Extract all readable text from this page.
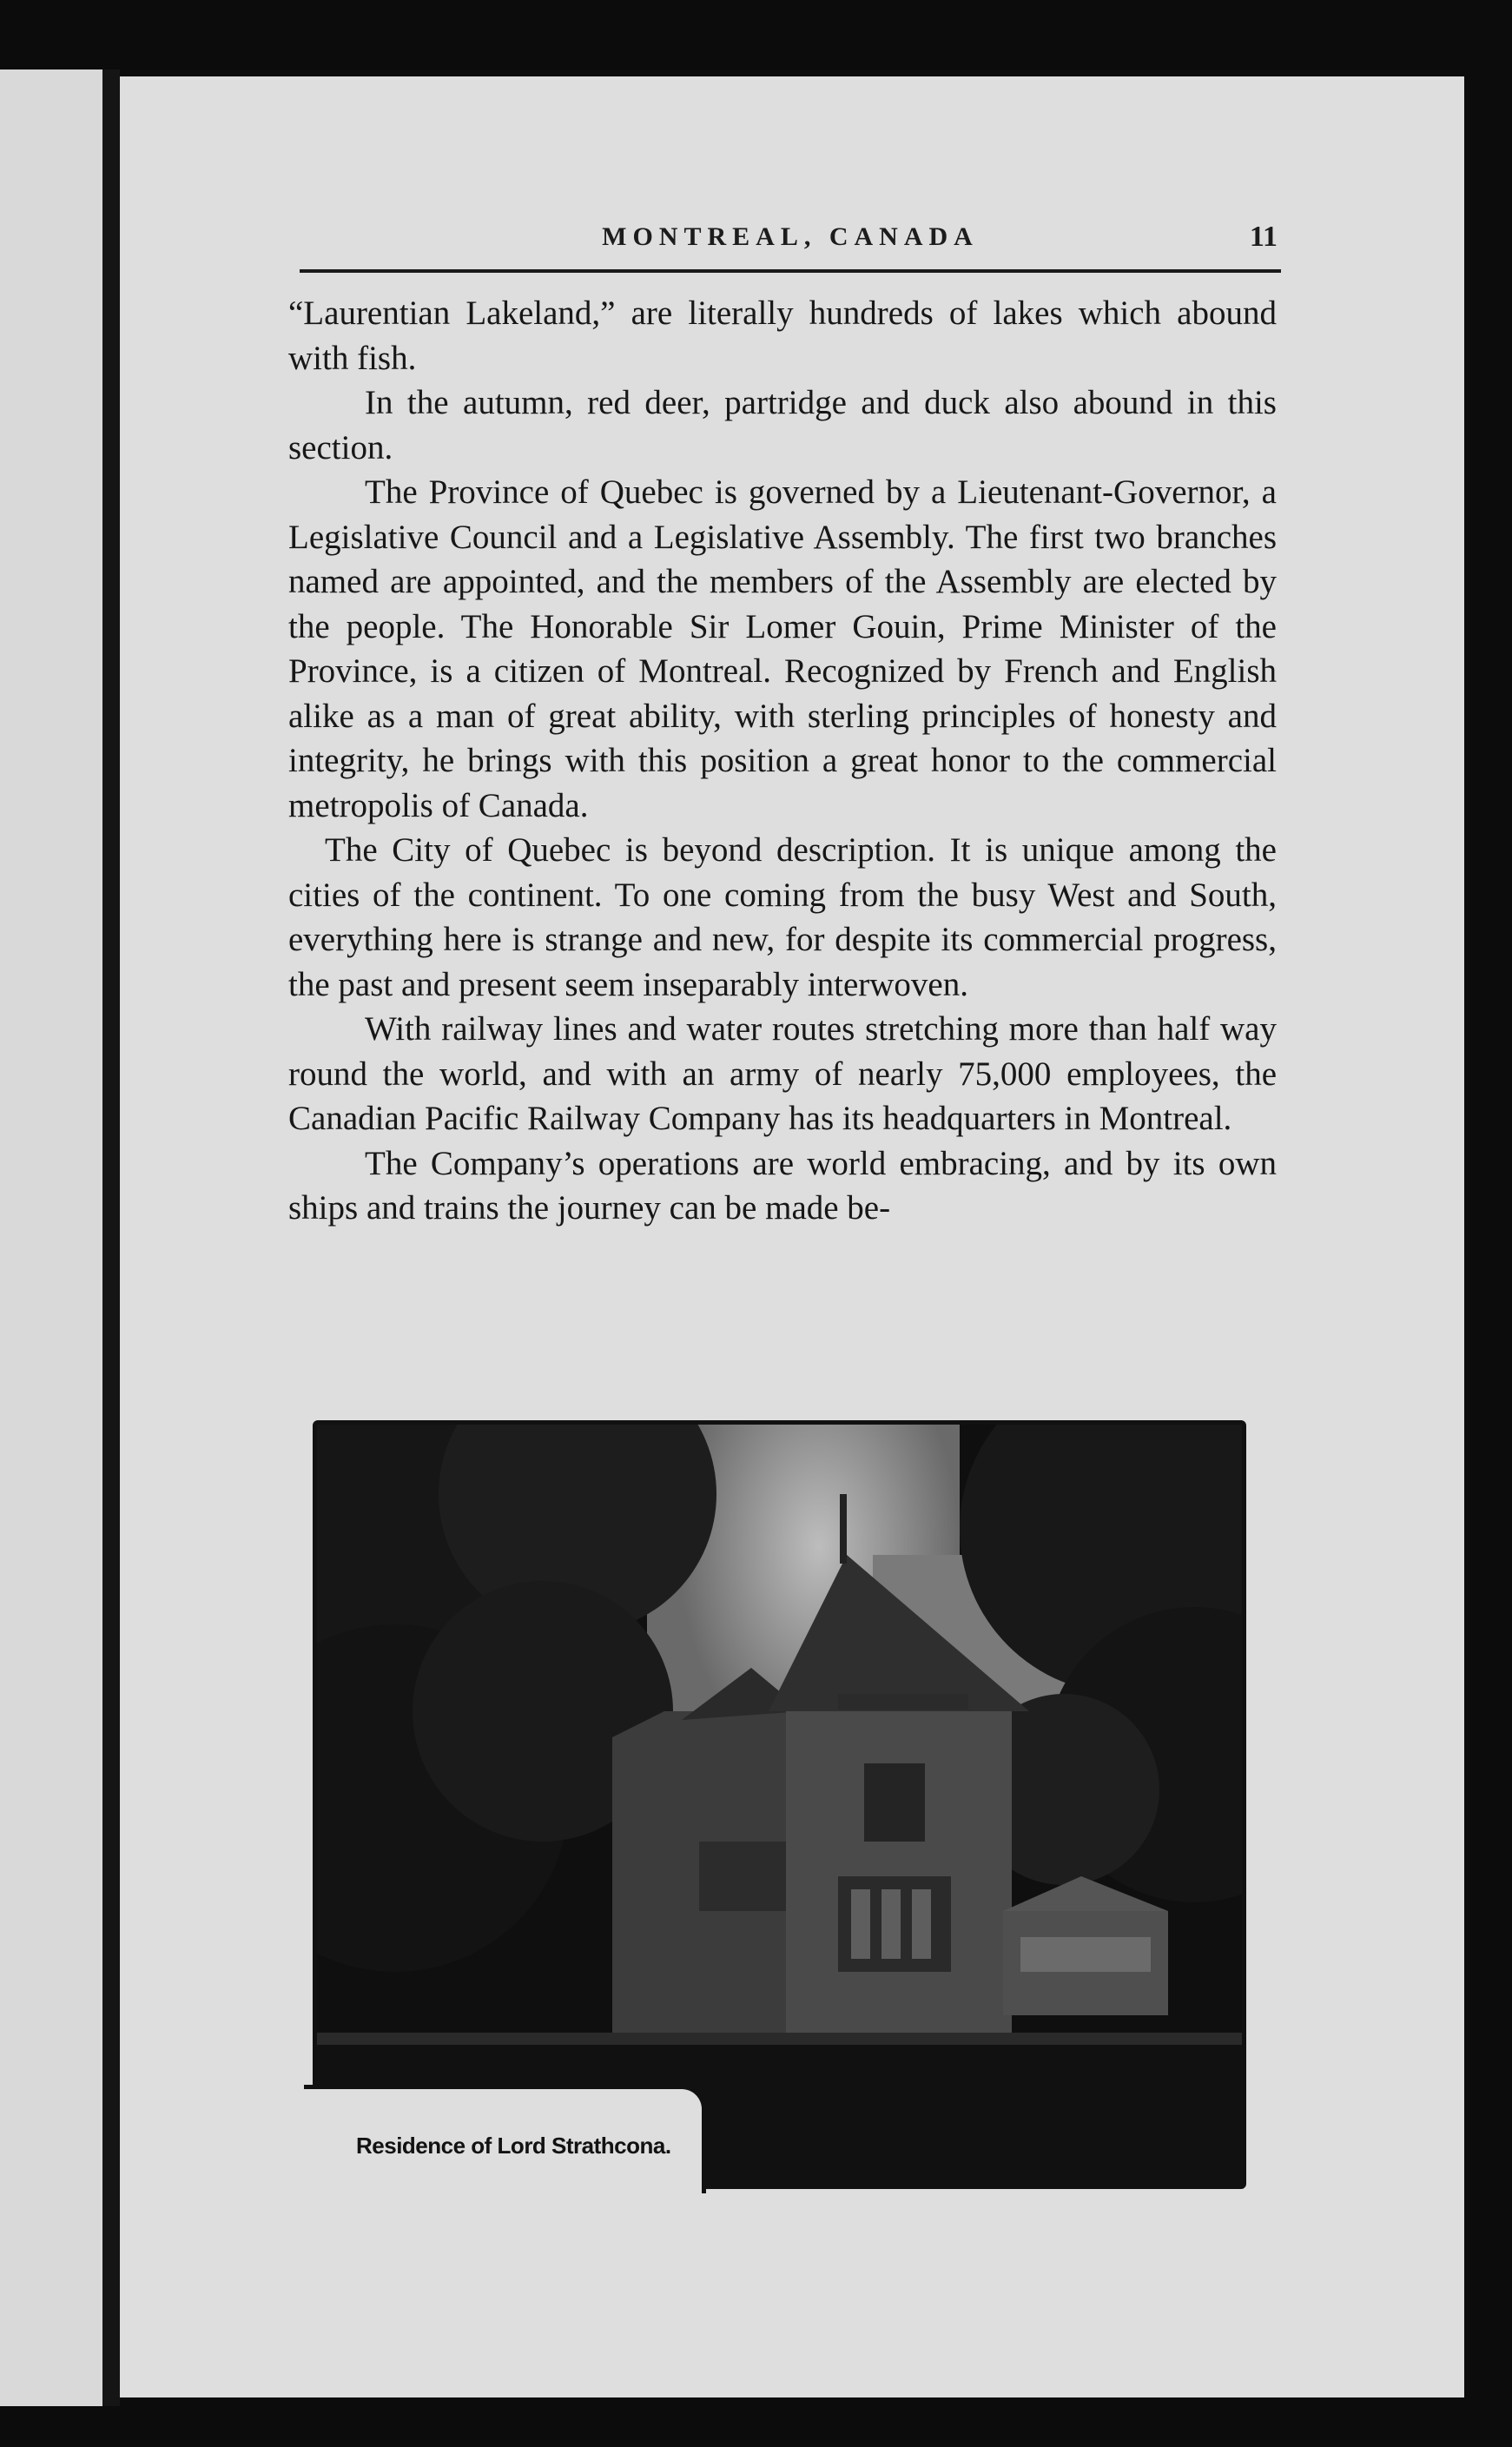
MONTREAL, CANADA	11

“Laurentian Lakeland,” are literally hundreds of lakes which abound with fish.

In the autumn, red deer, partridge and duck also abound in this section.

The Province of Quebec is governed by a Lieutenant-Governor, a Legislative Council and a Legislative Assembly. The first two branches named are appointed, and the members of the Assembly are elected by the people. The Honorable Sir Lomer Gouin, Prime Minister of the Province, is a citizen of Montreal. Recognized by French and English alike as a man of great ability, with sterling principles of honesty and integrity, he brings with this position a great honor to the commercial metropolis of Canada.

The City of Quebec is beyond description. It is unique among the cities of the continent. To one coming from the busy West and South, everything here is strange and new, for despite its commercial progress, the past and present seem inseparably interwoven.

With railway lines and water routes stretching more than half way round the world, and with an army of nearly 75,000 employees, the Canadian Pacific Railway Company has its headquarters in Montreal.

The Company’s operations are world embracing, and by its own ships and trains the journey can be made be-

Residence of Lord Strathcona.
